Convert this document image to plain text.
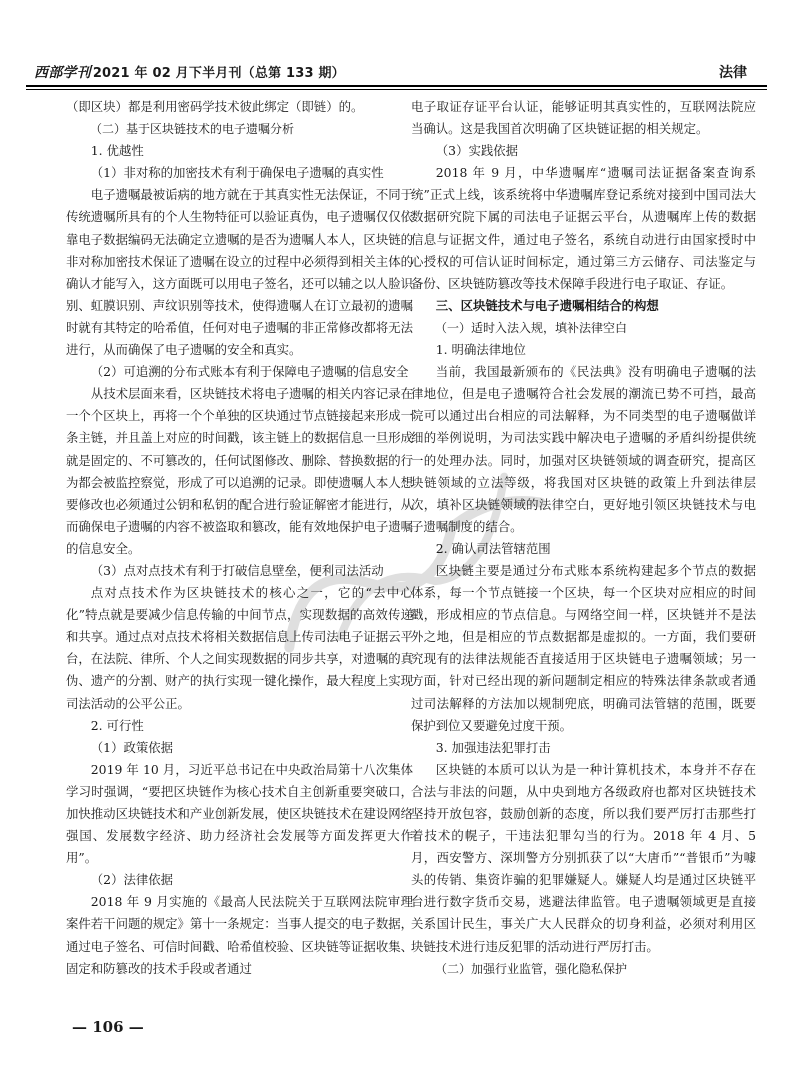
西部学刊 2021 年 02 月下半月刊（总第 133 期）	法律

（即区块）都是利用密码学技术彼此绑定（即链）的。

（二）基于区块链技术的电子遗嘱分析

1. 优越性

（1）非对称的加密技术有利于确保电子遗嘱的真实性

电子遗嘱最被诟病的地方就在于其真实性无法保证，不同于传统遗嘱所具有的个人生物特征可以验证真伪，电子遗嘱仅仅依靠电子数据编码无法确定立遗嘱的是否为遗嘱人本人，区块链的非对称加密技术保证了遗嘱在设立的过程中必须得到相关主体的确认才能写入，这方面既可以用电子签名，还可以辅之以人脸识别、虹膜识别、声纹识别等技术，使得遗嘱人在订立最初的遗嘱时就有其特定的哈希值，任何对电子遗嘱的非正常修改都将无法进行，从而确保了电子遗嘱的安全和真实。

（2）可追溯的分布式账本有利于保障电子遗嘱的信息安全

从技术层面来看，区块链技术将电子遗嘱的相关内容记录在一个个区块上，再将一个个单独的区块通过节点链接起来形成一条主链，并且盖上对应的时间戳，该主链上的数据信息一旦形成就是固定的、不可篡改的，任何试图修改、删除、替换数据的行为都会被监控察觉，形成了可以追溯的记录。即使遗嘱人本人想要修改也必须通过公钥和私钥的配合进行验证解密才能进行，从而确保电子遗嘱的内容不被盗取和篡改，能有效地保护电子遗嘱的信息安全。

（3）点对点技术有利于打破信息壁垒，便利司法活动

点对点技术作为区块链技术的核心之一，它的“去中心化”特点就是要减少信息传输的中间节点，实现数据的高效传递和共享。通过点对点技术将相关数据信息上传司法电子证据云平台，在法院、律所、个人之间实现数据的同步共享，对遗嘱的真伪、遗产的分割、财产的执行实现一键化操作，最大程度上实现司法活动的公平公正。

2. 可行性

（1）政策依据

2019 年 10 月，习近平总书记在中央政治局第十八次集体学习时强调，“要把区块链作为核心技术自主创新重要突破口，加快推动区块链技术和产业创新发展，使区块链技术在建设网络强国、发展数字经济、助力经济社会发展等方面发挥更大作用”。

（2）法律依据

2018 年 9 月实施的《最高人民法院关于互联网法院审理案件若干问题的规定》第十一条规定：当事人提交的电子数据，通过电子签名、可信时间戳、哈希值校验、区块链等证据收集、固定和防篡改的技术手段或者通过

电子取证存证平台认证，能够证明其真实性的，互联网法院应当确认。这是我国首次明确了区块链证据的相关规定。

（3）实践依据

2018 年 9 月，中华遗嘱库“遗嘱司法证据备案查询系统”正式上线，该系统将中华遗嘱库登记系统对接到中国司法大数据研究院下属的司法电子证据云平台，从遗嘱库上传的数据信息与证据文件，通过电子签名，系统自动进行由国家授时中心授权的可信认证时间标定，通过第三方云储存、司法鉴定与备份、区块链防篡改等技术保障手段进行电子取证、存证。

三、区块链技术与电子遗嘱相结合的构想

（一）适时入法入规，填补法律空白

1. 明确法律地位

当前，我国最新颁布的《民法典》没有明确电子遗嘱的法律地位，但是电子遗嘱符合社会发展的潮流已势不可挡，最高院可以通过出台相应的司法解释，为不同类型的电子遗嘱做详细的举例说明，为司法实践中解决电子遗嘱的矛盾纠纷提供统一的处理办法。同时，加强对区块链领域的调查研究，提高区块链领域的立法等级，将我国对区块链的政策上升到法律层次，填补区块链领域的法律空白，更好地引领区块链技术与电子遗嘱制度的结合。

2. 确认司法管辖范围

区块链主要是通过分布式账本系统构建起多个节点的数据体系，每一个节点链接一个区块，每一个区块对应相应的时间戳，形成相应的节点信息。与网络空间一样，区块链并不是法外之地，但是相应的节点数据都是虚拟的。一方面，我们要研究现有的法律法规能否直接适用于区块链电子遗嘱领域；另一方面，针对已经出现的新问题制定相应的特殊法律条款或者通过司法解释的方法加以规制兜底，明确司法管辖的范围，既要保护到位又要避免过度干预。

3. 加强违法犯罪打击

区块链的本质可以认为是一种计算机技术，本身并不存在合法与非法的问题，从中央到地方各级政府也都对区块链技术坚持开放包容，鼓励创新的态度，所以我们要严厉打击那些打着技术的幌子，干违法犯罪勾当的行为。2018 年 4 月、5 月，西安警方、深圳警方分别抓获了以“大唐币”“普银币”为噱头的传销、集资诈骗的犯罪嫌疑人。嫌疑人均是通过区块链平台进行数字货币交易，逃避法律监管。电子遗嘱领域更是直接关系国计民生，事关广大人民群众的切身利益，必须对利用区块链技术进行违反犯罪的活动进行严厉打击。

（二）加强行业监管，强化隐私保护

— 106 —
